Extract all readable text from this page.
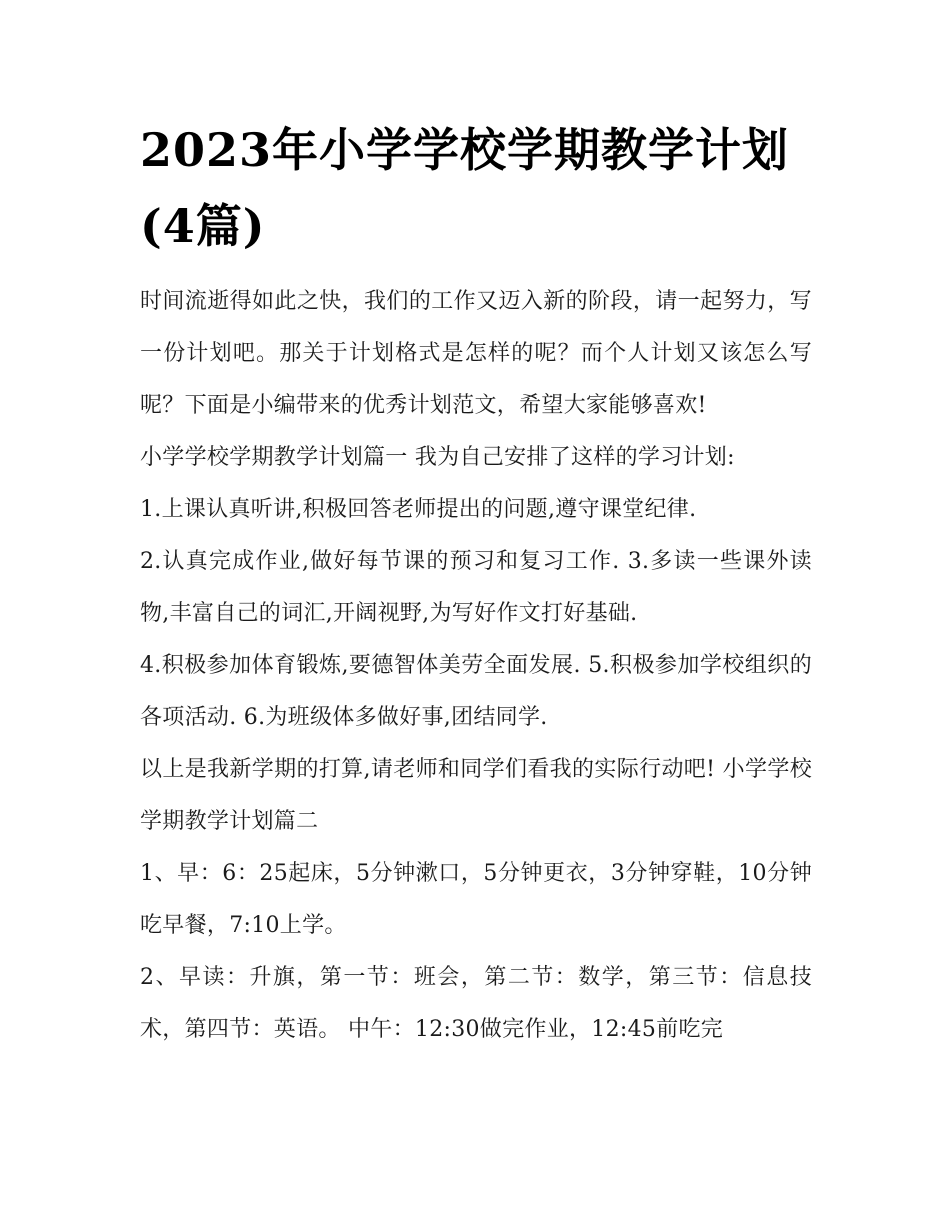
2023年小学学校学期教学计划(4篇)

时间流逝得如此之快，我们的工作又迈入新的阶段，请一起努力，写一份计划吧。那关于计划格式是怎样的呢？而个人计划又该怎么写呢？下面是小编带来的优秀计划范文，希望大家能够喜欢!

小学学校学期教学计划篇一 我为自己安排了这样的学习计划:

1.上课认真听讲,积极回答老师提出的问题,遵守课堂纪律.

2.认真完成作业,做好每节课的预习和复习工作. 3.多读一些课外读物,丰富自己的词汇,开阔视野,为写好作文打好基础.

4.积极参加体育锻炼,要德智体美劳全面发展. 5.积极参加学校组织的各项活动. 6.为班级体多做好事,团结同学.

以上是我新学期的打算,请老师和同学们看我的实际行动吧! 小学学校学期教学计划篇二

1、早：6：25起床，5分钟漱口，5分钟更衣，3分钟穿鞋，10分钟吃早餐，7:10上学。

2、早读：升旗，第一节：班会，第二节：数学，第三节：信息技术，第四节：英语。 中午：12:30做完作业，12:45前吃完
